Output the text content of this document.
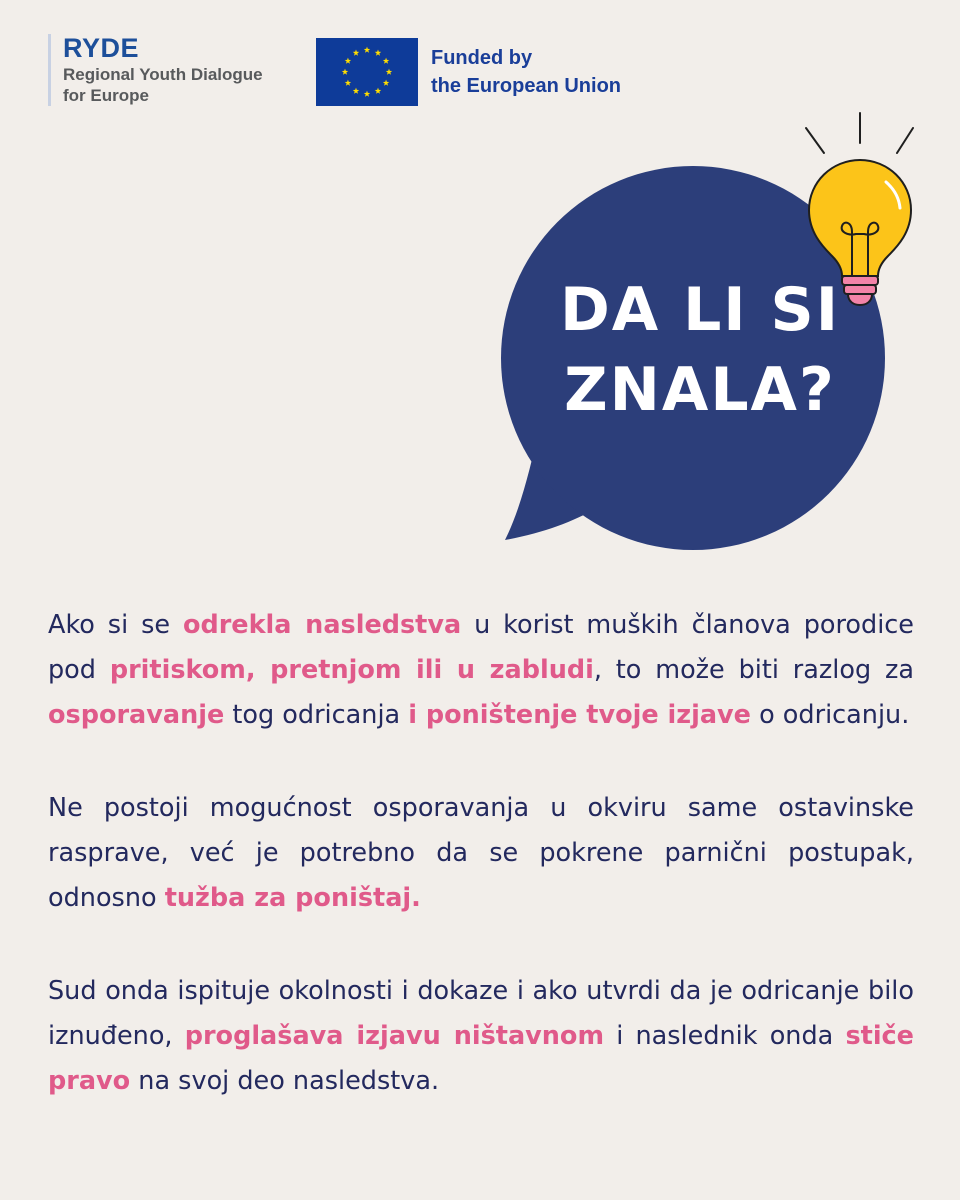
RYDE
Regional Youth Dialogue
for Europe
Funded by
the European Union
DA LI SI
ZNALA?

Ako si se odrekla nasledstva u korist muških članova porodice pod pritiskom, pretnjom ili u zabludi, to može biti razlog za osporavanje tog odricanja i poništenje tvoje izjave o odricanju.

Ne postoji mogućnost osporavanja u okviru same ostavinske rasprave, već je potrebno da se pokrene parnični postupak, odnosno tužba za poništaj.

Sud onda ispituje okolnosti i dokaze i ako utvrdi da je odricanje bilo iznuđeno, proglašava izjavu ništavnom i naslednik onda stiče pravo na svoj deo nasledstva.
